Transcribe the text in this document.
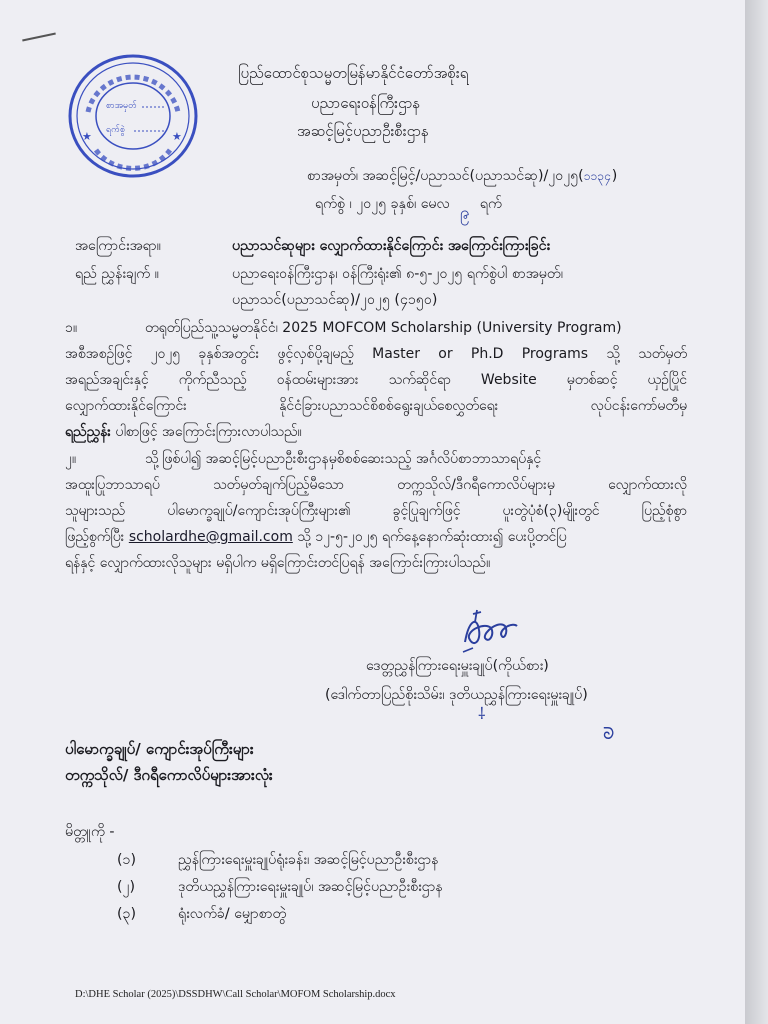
★	★
စာအမှတ်
ရက်စွဲ
ပြည်ထောင်စုသမ္မတမြန်မာနိုင်ငံတော်အစိုးရ
ပညာရေးဝန်ကြီးဌာန
အဆင့်မြင့်ပညာဦးစီးဌာန
စာအမှတ်၊ အဆင့်မြင့်/ပညာသင်(ပညာသင်ဆု)/၂၀၂၅( ၁၁၃၄ )
ရက်စွဲ ၊ ၂၀၂၅ ခုနှစ်၊ မေလ ၉ ရက်
အကြောင်းအရာ။	ပညာသင်ဆုများ လျှောက်ထားနိုင်ကြောင်း အကြောင်းကြားခြင်း
ရည် ညွှန်းချက် ။	ပညာရေးဝန်ကြီးဌာန၊ ဝန်ကြီးရုံး၏ ၈-၅-၂၀၂၅ ရက်စွဲပါ စာအမှတ်၊
ပညာသင်(ပညာသင်ဆု)/၂၀၂၅ (၄၁၅၀)
၁။	တရုတ်ပြည်သူ့သမ္မတနိုင်ငံ၊ 2025 MOFCOM Scholarship (University Program)
အစီအစဉ်ဖြင့် ၂၀၂၅ ခုနှစ်အတွင်း ဖွင့်လှစ်ပို့ချမည့် Master or Ph.D Programs သို့ သတ်မှတ်
အရည်အချင်းနှင့် ကိုက်ညီသည့် ဝန်ထမ်းများအား သက်ဆိုင်ရာ Website မှတစ်ဆင့် ယှဉ်ပြိုင်
လျှောက်ထားနိုင်ကြောင်း နိုင်ငံခြားပညာသင်စိစစ်ရွေးချယ်စေလွှတ်ရေး လုပ်ငန်းကော်မတီမှ
ရည်ညွှန်း ပါစာဖြင့် အကြောင်းကြားလာပါသည်။
၂။	သို့ဖြစ်ပါ၍ အဆင့်မြင့်ပညာဦးစီးဌာနမှစိစစ်ဆေးသည့် အင်္ဂလိပ်စာဘာသာရပ်နှင့်
အထူးပြုဘာသာရပ် သတ်မှတ်ချက်ပြည့်မီသော တက္ကသိုလ်/ဒီဂရီကောလိပ်များမှ လျှောက်ထားလို
သူများသည် ပါမောက္ခချုပ်/ကျောင်းအုပ်ကြီးများ၏ ခွင့်ပြုချက်ဖြင့် ပူးတွဲပုံစံ(၃)မျိုးတွင် ပြည့်စုံစွာ
ဖြည့်စွက်ပြီး scholardhe@gmail.com သို့ ၁၂-၅-၂၀၂၅ ရက်နေ့နောက်ဆုံးထား၍ ပေးပို့တင်ပြ
ရန်နှင့် လျှောက်ထားလိုသူများ မရှိပါက မရှိကြောင်းတင်ပြရန် အကြောင်းကြားပါသည်။
ဒေတ္တညွှန်ကြားရေးမှူးချုပ်(ကိုယ်စား)
(ဒေါက်တာပြည်စိုးသိမ်း၊ ဒုတိယညွှန်ကြားရေးမှူးချုပ်)
⸸
ᘐ
ပါမောက္ခချုပ်/ ကျောင်းအုပ်ကြီးများ
တက္ကသိုလ်/ ဒီဂရီကောလိပ်များအားလုံး
မိတ္တူကို -
(၁)	ညွှန်ကြားရေးမှူးချုပ်ရုံးခန်း၊ အဆင့်မြင့်ပညာဦးစီးဌာန
(၂)	ဒုတိယညွှန်ကြားရေးမှူးချုပ်၊ အဆင့်မြင့်ပညာဦးစီးဌာန
(၃)	ရုံးလက်ခံ/ မျှောစာတွဲ
D:\DHE Scholar (2025)\DSSDHW\Call Scholar\MOFOM Scholarship.docx
